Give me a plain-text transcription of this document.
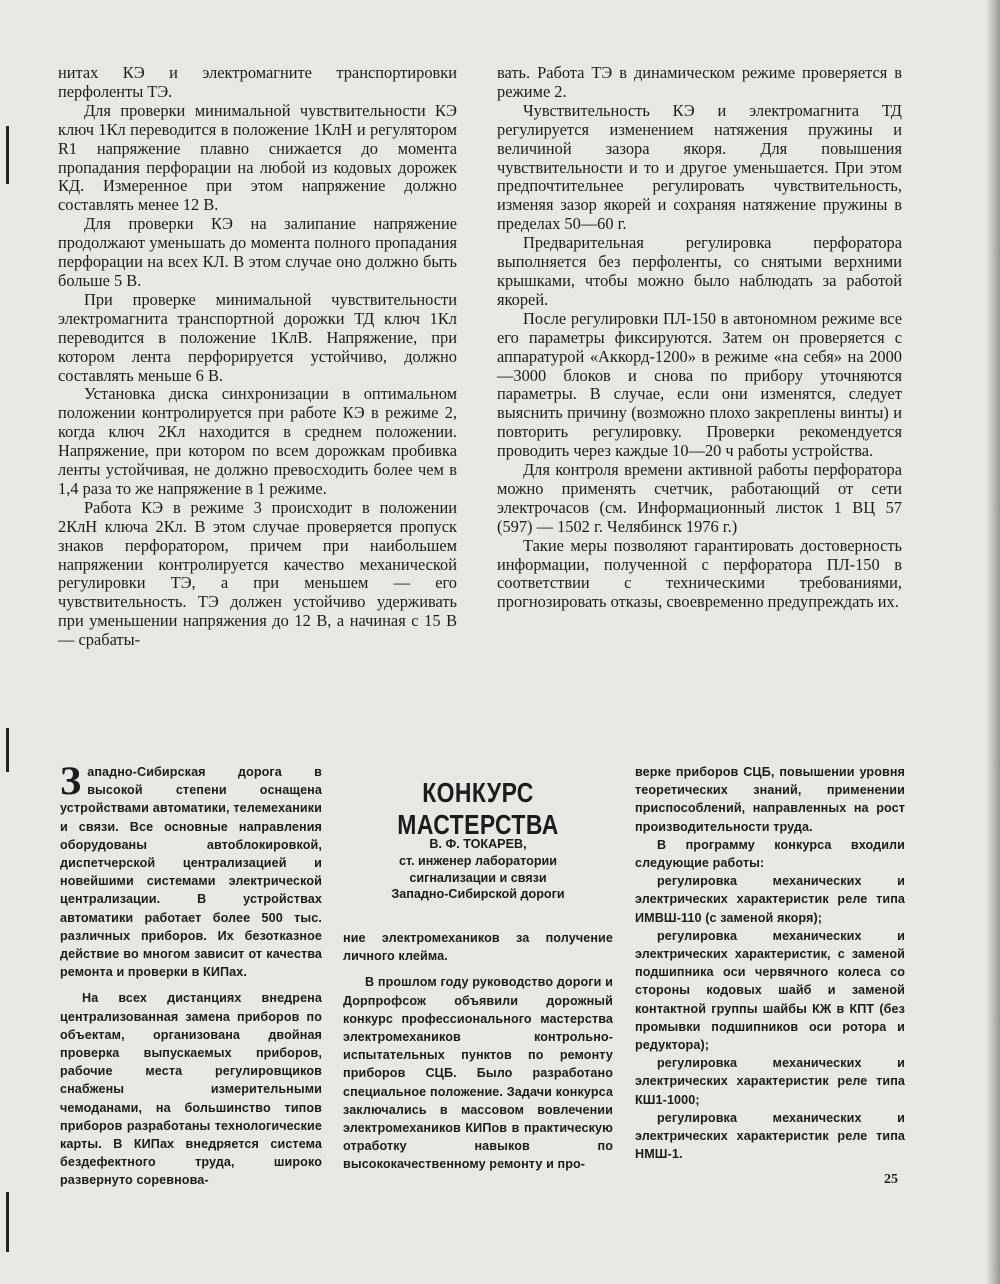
нитах КЭ и электромагните транспортировки перфоленты ТЭ.

Для проверки минимальной чувствительности КЭ ключ 1Кл переводится в положение 1КлН и регулятором R1 напряжение плавно снижается до момента пропадания перфорации на любой из кодовых дорожек КД. Измеренное при этом напряжение должно составлять менее 12 В.

Для проверки КЭ на залипание напряжение продолжают уменьшать до момента полного пропадания перфорации на всех КЛ. В этом случае оно должно быть больше 5 В.

При проверке минимальной чувствительности электромагнита транспортной дорожки ТД ключ 1Кл переводится в положение 1КлВ. Напряжение, при котором лента перфорируется устойчиво, должно составлять меньше 6 В.

Установка диска синхронизации в оптимальном положении контролируется при работе КЭ в режиме 2, когда ключ 2Кл находится в среднем положении. Напряжение, при котором по всем дорожкам пробивка ленты устойчивая, не должно превосходить более чем в 1,4 раза то же напряжение в 1 режиме.

Работа КЭ в режиме 3 происходит в положении 2КлН ключа 2Кл. В этом случае проверяется пропуск знаков перфоратором, причем при наибольшем напряжении контролируется качество механической регулировки ТЭ, а при меньшем — его чувствительность. ТЭ должен устойчиво удерживать при уменьшении напряжения до 12 В, а начиная с 15 В — срабаты-

вать. Работа ТЭ в динамическом режиме проверяется в режиме 2.

Чувствительность КЭ и электромагнита ТД регулируется изменением натяжения пружины и величиной зазора якоря. Для повышения чувствительности и то и другое уменьшается. При этом предпочтительнее регулировать чувствительность, изменяя зазор якорей и сохраняя натяжение пружины в пределах 50—60 г.

Предварительная регулировка перфоратора выполняется без перфоленты, со снятыми верхними крышками, чтобы можно было наблюдать за работой якорей.

После регулировки ПЛ-150 в автономном режиме все его параметры фиксируются. Затем он проверяется с аппаратурой «Аккорд-1200» в режиме «на себя» на 2000—3000 блоков и снова по прибору уточняются параметры. В случае, если они изменятся, следует выяснить причину (возможно плохо закреплены винты) и повторить регулировку. Проверки рекомендуется проводить через каждые 10—20 ч работы устройства.

Для контроля времени активной работы перфоратора можно применять счетчик, работающий от сети электрочасов (см. Информационный листок 1 ВЦ 57 (597) — 1502 г. Челябинск 1976 г.)

Такие меры позволяют гарантировать достоверность информации, полученной с перфоратора ПЛ-150 в соответствии с техническими требованиями, прогнозировать отказы, своевременно предупреждать их.

Западно-Сибирская дорога в высокой степени оснащена устройствами автоматики, телемеханики и связи. Все основные направления оборудованы автоблокировкой, диспетчерской централизацией и новейшими системами электрической централизации. В устройствах автоматики работает более 500 тыс. различных приборов. Их безотказное действие во многом зависит от качества ремонта и проверки в КИПах.

На всех дистанциях внедрена централизованная замена приборов по объектам, организована двойная проверка выпускаемых приборов, рабочие места регулировщиков снабжены измерительными чемоданами, на большинство типов приборов разработаны технологические карты. В КИПах внедряется система бездефектного труда, широко развернуто соревнова-

КОНКУРС МАСТЕРСТВА
В. Ф. ТОКАРЕВ,
ст. инженер лаборатории
сигнализации и связи
Западно-Сибирской дороги

ние электромехаников за получение личного клейма.

В прошлом году руководство дороги и Дорпрофсож объявили дорожный конкурс профессионального мастерства электромехаников контрольно-испытательных пунктов по ремонту приборов СЦБ. Было разработано специальное положение. Задачи конкурса заключались в массовом вовлечении электромехаников КИПов в практическую отработку навыков по высококачественному ремонту и про-

верке приборов СЦБ, повышении уровня теоретических знаний, применении приспособлений, направленных на рост производительности труда.

В программу конкурса входили следующие работы:

регулировка механических и электрических характеристик реле типа ИМВШ-110 (с заменой якоря);

регулировка механических и электрических характеристик, с заменой подшипника оси червячного колеса со стороны кодовых шайб и заменой контактной группы шайбы КЖ в КПТ (без промывки подшипников оси ротора и редуктора);

регулировка механических и электрических характеристик реле типа КШ1-1000;

регулировка механических и электрических характеристик реле типа НМШ-1.

25
